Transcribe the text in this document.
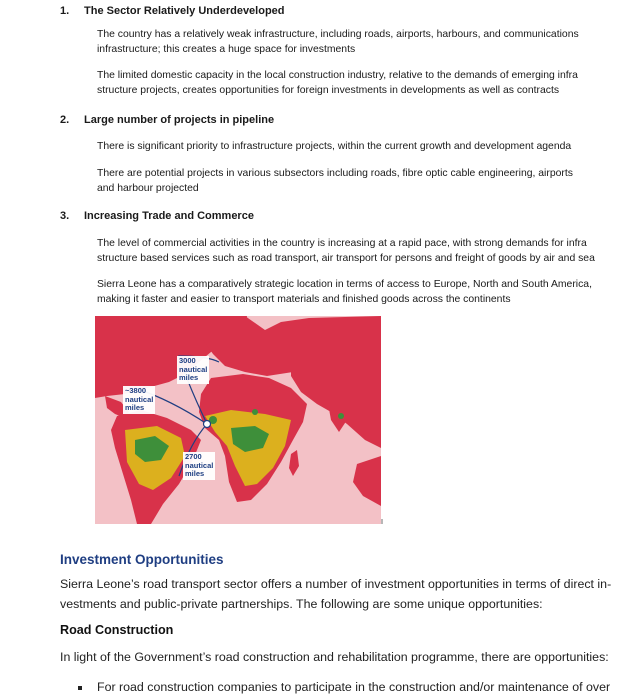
1. The Sector Relatively Underdeveloped
The country has a relatively weak infrastructure, including roads, airports, harbours, and communications
infrastructure; this creates a huge space for investments
The limited domestic capacity in the local construction industry, relative to the demands of emerging infra
structure projects, creates opportunities for foreign investments in developments as well as contracts
2. Large number of projects in pipeline
There is significant priority to infrastructure projects, within the current growth and development agenda
There are potential projects in various subsectors including roads, fibre optic cable engineering, airports
and harbour projected
3. Increasing Trade and Commerce
The level of commercial activities in the country is increasing at a rapid pace, with strong demands for infra
structure based services such as road transport, air transport for persons and freight of goods by air and sea
Sierra Leone has a comparatively strategic location in terms of access to Europe, North and South America,
making it faster and easier to transport materials and finished goods across the continents
3000
nautical
miles
~3800
nautical
miles
2700
nautical
miles
Investment Opportunities
Sierra Leone’s road transport sector offers a number of investment opportunities in terms of direct in-
vestments and public-private partnerships. The following are some unique opportunities:
Road Construction
In light of the Government’s road construction and rehabilitation programme, there are opportunities:
For road construction companies to participate in the construction and/or maintenance of over
